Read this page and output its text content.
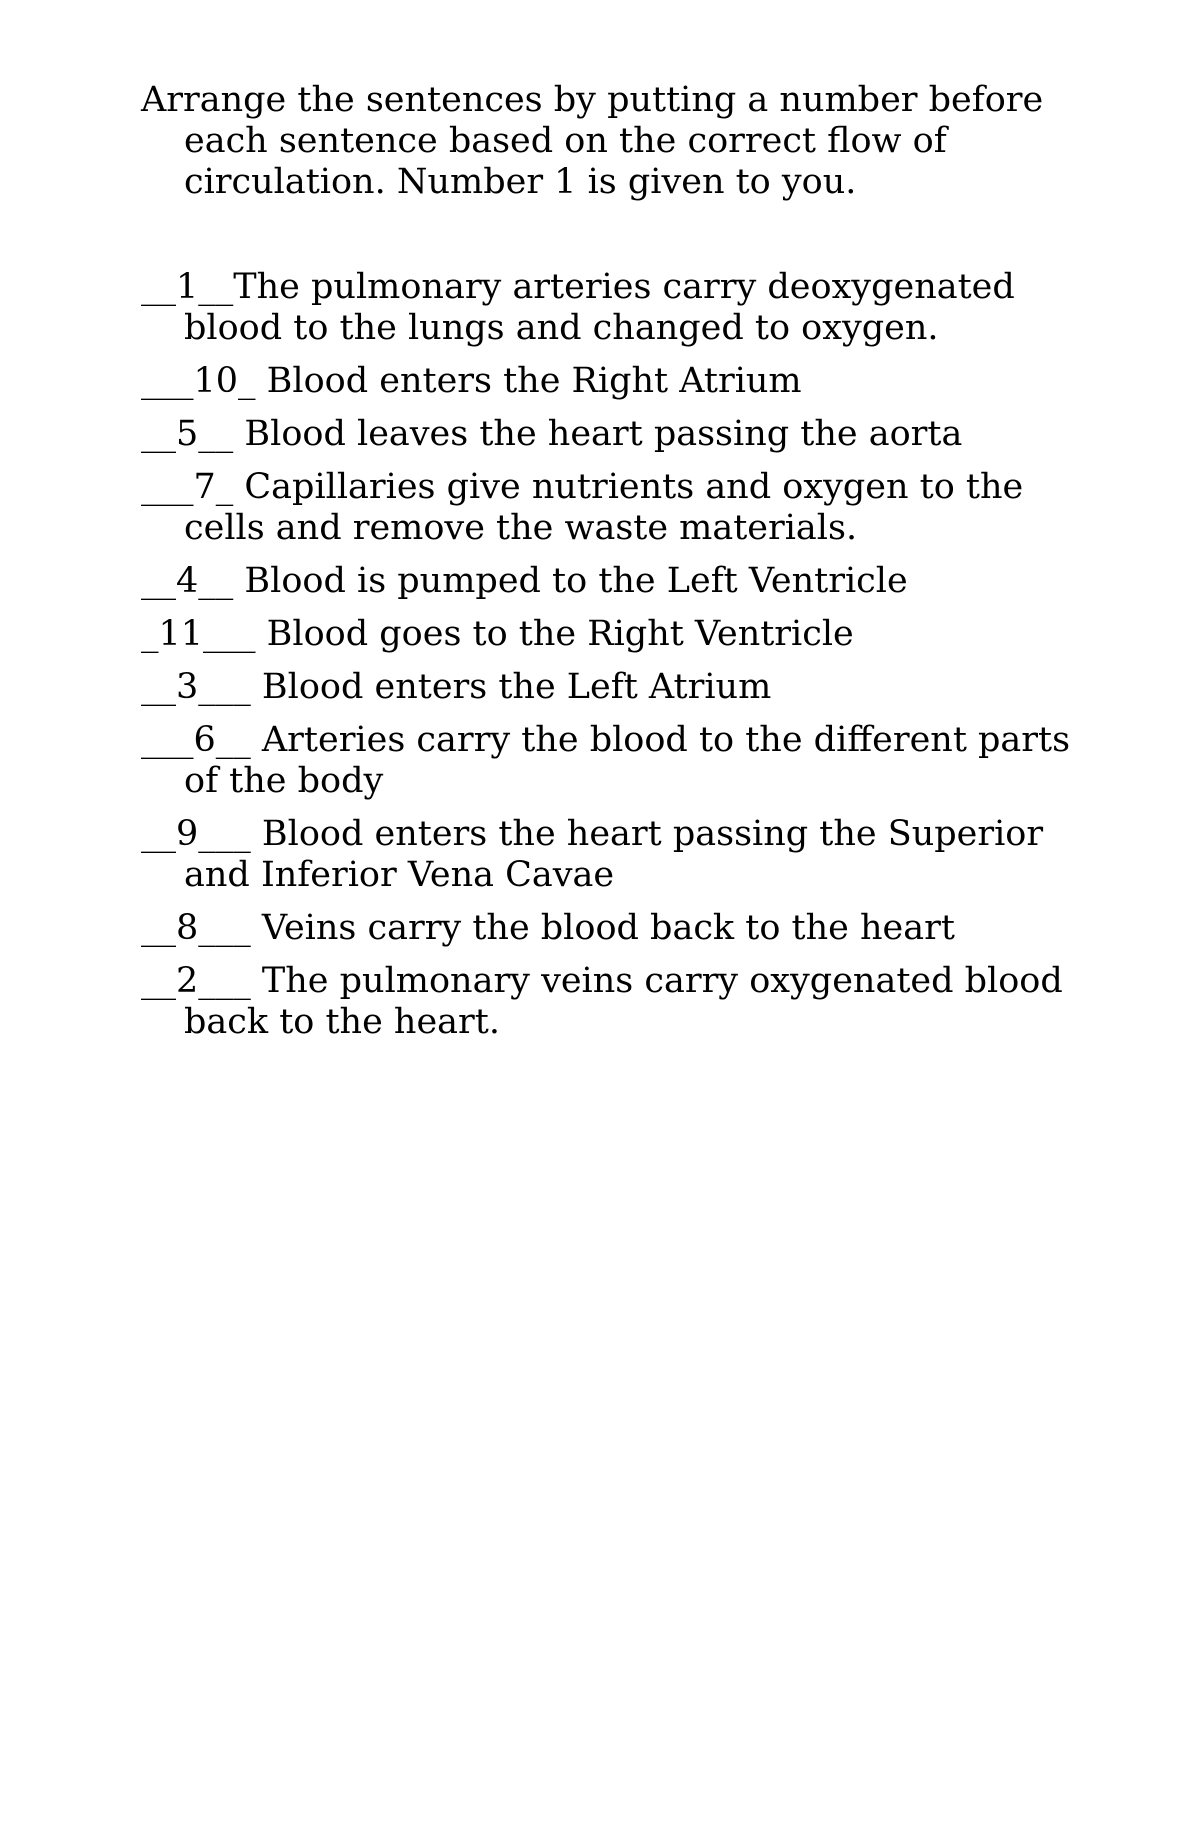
Arrange the sentences by putting a number before each sentence based on the correct flow of circulation. Number 1 is given to you.

__1__The pulmonary arteries carry deoxygenated blood to the lungs and changed to oxygen.
___10_ Blood enters the Right Atrium
__5__ Blood leaves the heart passing the aorta
___7_ Capillaries give nutrients and oxygen to the cells and remove the waste materials.
__4__ Blood is pumped to the Left Ventricle
_11___ Blood goes to the Right Ventricle
__3___ Blood enters the Left Atrium
___6__ Arteries carry the blood to the different parts of the body
__9___ Blood enters the heart passing the Superior and Inferior Vena Cavae
__8___ Veins carry the blood back to the heart
__2___ The pulmonary veins carry oxygenated blood back to the heart.
